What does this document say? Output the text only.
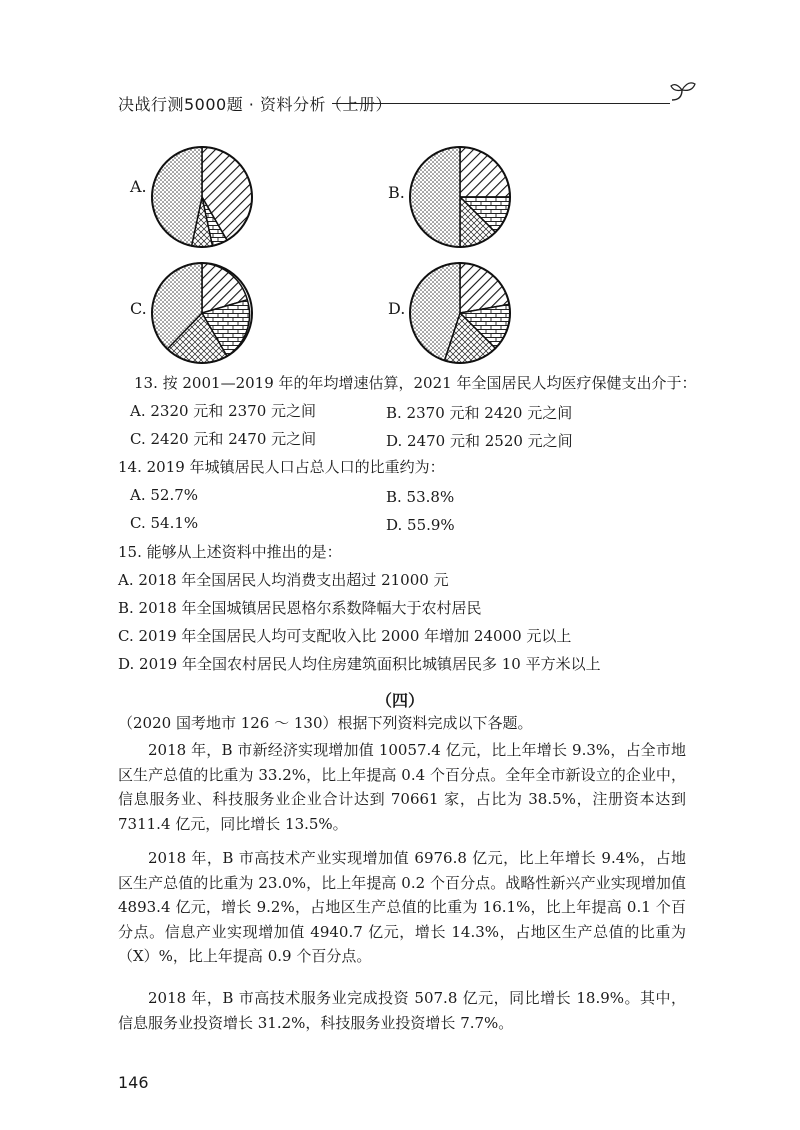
决战行测5000题 · 资料分析（上册）
A.	B.
C.	D.
13. 按 2001—2019 年的年均增速估算，2021 年全国居民人均医疗保健支出介于：
A. 2320 元和 2370 元之间	B. 2370 元和 2420 元之间
C. 2420 元和 2470 元之间	D. 2470 元和 2520 元之间
14. 2019 年城镇居民人口占总人口的比重约为：
A. 52.7%	B. 53.8%
C. 54.1%	D. 55.9%
15. 能够从上述资料中推出的是：
A. 2018 年全国居民人均消费支出超过 21000 元
B. 2018 年全国城镇居民恩格尔系数降幅大于农村居民
C. 2019 年全国居民人均可支配收入比 2000 年增加 24000 元以上
D. 2019 年全国农村居民人均住房建筑面积比城镇居民多 10 平方米以上
（四）
（2020 国考地市 126 ～ 130）根据下列资料完成以下各题。
2018 年，B 市新经济实现增加值 10057.4 亿元，比上年增长 9.3%，占全市地区生产总值的比重为 33.2%，比上年提高 0.4 个百分点。全年全市新设立的企业中，信息服务业、科技服务业企业合计达到 70661 家，占比为 38.5%，注册资本达到 7311.4 亿元，同比增长 13.5%。
2018 年，B 市高技术产业实现增加值 6976.8 亿元，比上年增长 9.4%，占地区生产总值的比重为 23.0%，比上年提高 0.2 个百分点。战略性新兴产业实现增加值 4893.4 亿元，增长 9.2%，占地区生产总值的比重为 16.1%，比上年提高 0.1 个百分点。信息产业实现增加值 4940.7 亿元，增长 14.3%，占地区生产总值的比重为（X）%，比上年提高 0.9 个百分点。
2018 年，B 市高技术服务业完成投资 507.8 亿元，同比增长 18.9%。其中，信息服务业投资增长 31.2%，科技服务业投资增长 7.7%。
146
